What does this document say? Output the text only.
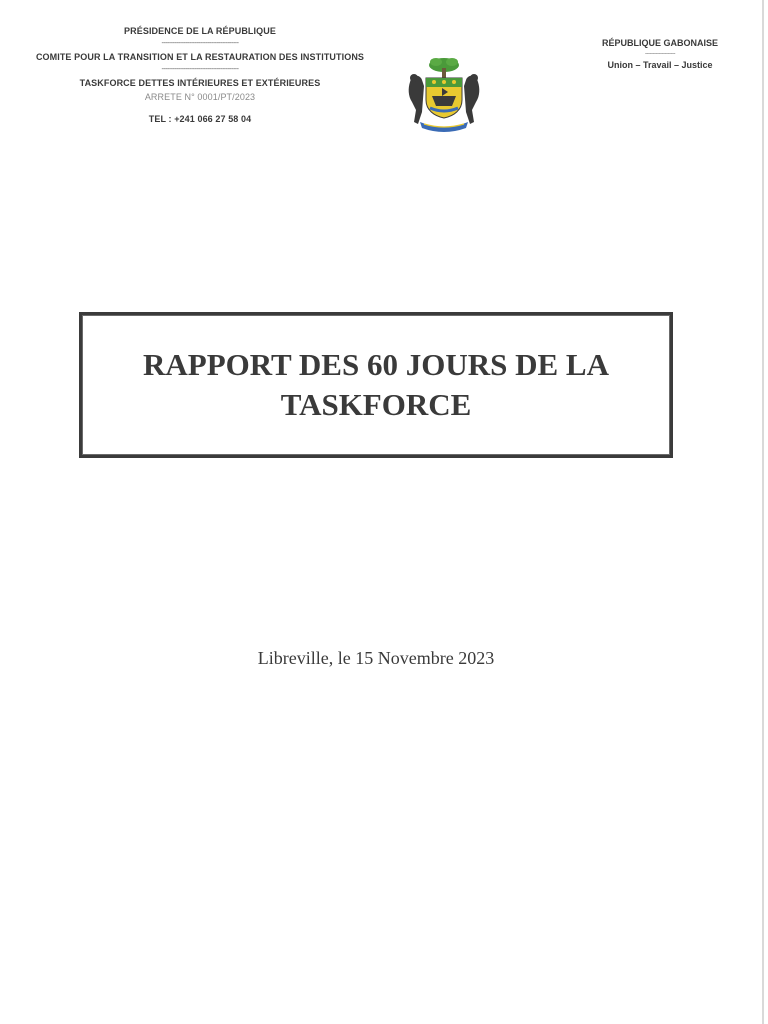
PRÉSIDENCE DE LA RÉPUBLIQUE
------------------------------------------
COMITE POUR LA TRANSITION ET LA RESTAURATION DES INSTITUTIONS
------------------------------------------
TASKFORCE DETTES INTÉRIEURES ET EXTÉRIEURES
ARRETE N° 0001/PT/2023
TEL : +241 066 27 58 04
RÉPUBLIQUE GABONAISE
--------------------
Union – Travail – Justice
RAPPORT DES 60 JOURS DE LA
TASKFORCE
Libreville, le 15 Novembre 2023
